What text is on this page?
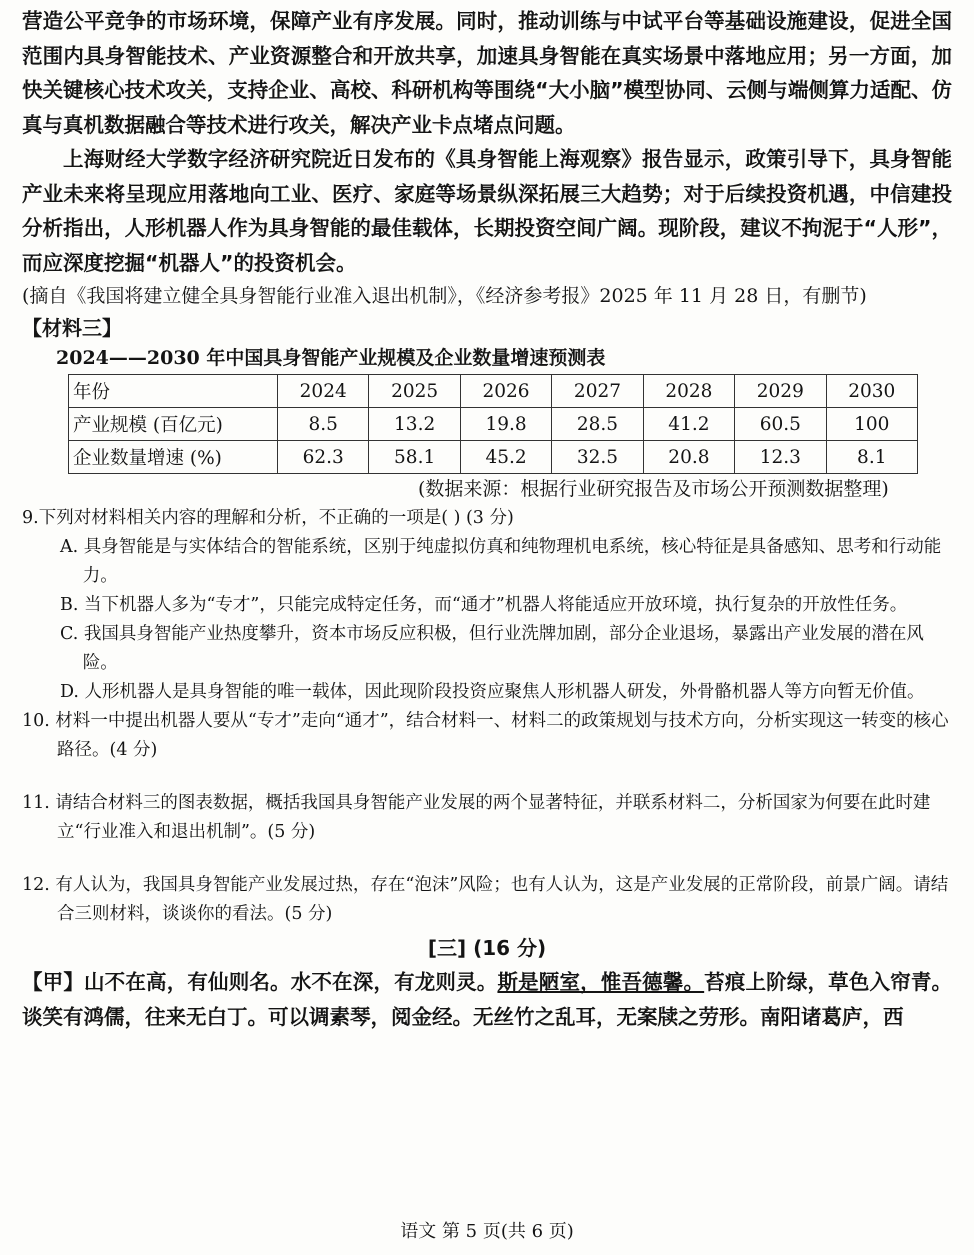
营造公平竞争的市场环境，保障产业有序发展。同时，推动训练与中试平台等基础设施建设，促进全国范围内具身智能技术、产业资源整合和开放共享，加速具身智能在真实场景中落地应用；另一方面，加快关键核心技术攻关，支持企业、高校、科研机构等围绕“大小脑”模型协同、云侧与端侧算力适配、仿真与真机数据融合等技术进行攻关，解决产业卡点堵点问题。

上海财经大学数字经济研究院近日发布的《具身智能上海观察》报告显示，政策引导下，具身智能产业未来将呈现应用落地向工业、医疗、家庭等场景纵深拓展三大趋势；对于后续投资机遇，中信建投分析指出，人形机器人作为具身智能的最佳载体，长期投资空间广阔。现阶段，建议不拘泥于“人形”，而应深度挖掘“机器人”的投资机会。

(摘自《我国将建立健全具身智能行业准入退出机制》，《经济参考报》2025 年 11 月 28 日，有删节)

【材料三】

2024——2030 年中国具身智能产业规模及企业数量增速预测表

年份	2024	2025	2026	2027	2028	2029	2030
产业规模 (百亿元)	8.5	13.2	19.8	28.5	41.2	60.5	100
企业数量增速 (%)	62.3	58.1	45.2	32.5	20.8	12.3	8.1

(数据来源：根据行业研究报告及市场公开预测数据整理)

9.下列对材料相关内容的理解和分析，不正确的一项是( ) (3 分)

A. 具身智能是与实体结合的智能系统，区别于纯虚拟仿真和纯物理机电系统，核心特征是具备感知、思考和行动能力。

B. 当下机器人多为“专才”，只能完成特定任务，而“通才”机器人将能适应开放环境，执行复杂的开放性任务。

C. 我国具身智能产业热度攀升，资本市场反应积极，但行业洗牌加剧，部分企业退场，暴露出产业发展的潜在风险。

D. 人形机器人是具身智能的唯一载体，因此现阶段投资应聚焦人形机器人研发，外骨骼机器人等方向暂无价值。

10. 材料一中提出机器人要从“专才”走向“通才”，结合材料一、材料二的政策规划与技术方向，分析实现这一转变的核心路径。(4 分)

11. 请结合材料三的图表数据，概括我国具身智能产业发展的两个显著特征，并联系材料二，分析国家为何要在此时建立“行业准入和退出机制”。(5 分)

12. 有人认为，我国具身智能产业发展过热，存在“泡沫”风险；也有人认为，这是产业发展的正常阶段，前景广阔。请结合三则材料，谈谈你的看法。(5 分)

[三] (16 分)

【甲】山不在高，有仙则名。水不在深，有龙则灵。斯是陋室，惟吾德馨。苔痕上阶绿，草色入帘青。谈笑有鸿儒，往来无白丁。可以调素琴，阅金经。无丝竹之乱耳，无案牍之劳形。南阳诸葛庐，西

语文 第 5 页(共 6 页)
